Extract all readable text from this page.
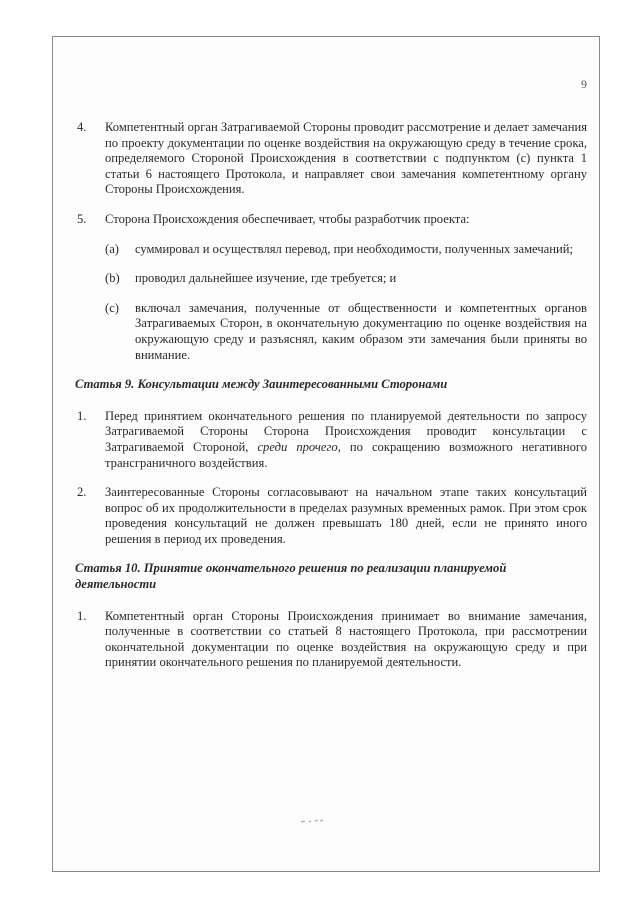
9
4. Компетентный орган Затрагиваемой Стороны проводит рассмотрение и делает замечания по проекту документации по оценке воздействия на окружающую среду в течение срока, определяемого Стороной Происхождения в соответствии с подпунктом (c) пункта 1 статьи 6 настоящего Протокола, и направляет свои замечания компетентному органу Стороны Происхождения.
5. Сторона Происхождения обеспечивает, чтобы разработчик проекта:
(a) суммировал и осуществлял перевод, при необходимости, полученных замечаний;
(b) проводил дальнейшее изучение, где требуется; и
(c) включал замечания, полученные от общественности и компетентных органов Затрагиваемых Сторон, в окончательную документацию по оценке воздействия на окружающую среду и разъяснял, каким образом эти замечания были приняты во внимание.
Статья 9. Консультации между Заинтересованными Сторонами
1. Перед принятием окончательного решения по планируемой деятельности по запросу Затрагиваемой Стороны Сторона Происхождения проводит консультации с Затрагиваемой Стороной, среди прочего, по сокращению возможного негативного трансграничного воздействия.
2. Заинтересованные Стороны согласовывают на начальном этапе таких консультаций вопрос об их продолжительности в пределах разумных временных рамок. При этом срок проведения консультаций не должен превышать 180 дней, если не принято иного решения в период их проведения.
Статья 10. Принятие окончательного решения по реализации планируемой деятельности
1. Компетентный орган Стороны Происхождения принимает во внимание замечания, полученные в соответствии со статьей 8 настоящего Протокола, при рассмотрении окончательной документации по оценке воздействия на окружающую среду и при принятии окончательного решения по планируемой деятельности.
